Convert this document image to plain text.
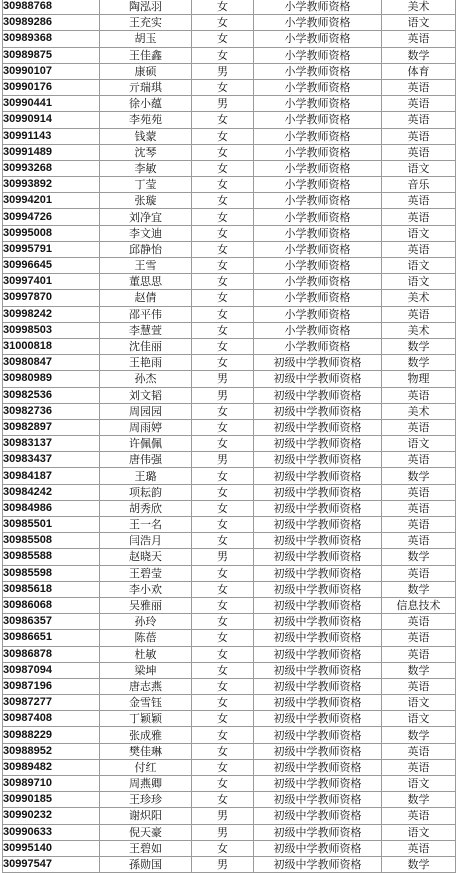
30988768	陶泓羽	女	小学教师资格	美术
30989286	王充实	女	小学教师资格	语文
30989368	胡玉	女	小学教师资格	英语
30989875	王佳鑫	女	小学教师资格	数学
30990107	康硕	男	小学教师资格	体育
30990176	亓瑞琪	女	小学教师资格	英语
30990441	徐小蕴	男	小学教师资格	英语
30990914	李苑苑	女	小学教师资格	英语
30991143	钱蒙	女	小学教师资格	英语
30991489	沈琴	女	小学教师资格	英语
30993268	李敏	女	小学教师资格	语文
30993892	丁莹	女	小学教师资格	音乐
30994201	张璇	女	小学教师资格	英语
30994726	刘净宜	女	小学教师资格	英语
30995008	李文迪	女	小学教师资格	语文
30995791	邱静怡	女	小学教师资格	英语
30996645	王雪	女	小学教师资格	语文
30997401	董思思	女	小学教师资格	语文
30997870	赵倩	女	小学教师资格	美术
30998242	邵平伟	女	小学教师资格	英语
30998503	李慧萱	女	小学教师资格	美术
31000818	沈佳丽	女	小学教师资格	数学
30980847	王艳雨	女	初级中学教师资格	数学
30980989	孙杰	男	初级中学教师资格	物理
30982536	刘文韬	男	初级中学教师资格	英语
30982736	周园园	女	初级中学教师资格	美术
30982897	周雨婷	女	初级中学教师资格	英语
30983137	许佩佩	女	初级中学教师资格	语文
30983437	唐伟强	男	初级中学教师资格	英语
30984187	王璐	女	初级中学教师资格	数学
30984242	项耘韵	女	初级中学教师资格	英语
30984986	胡秀欣	女	初级中学教师资格	英语
30985501	王一名	女	初级中学教师资格	英语
30985508	闫浩月	女	初级中学教师资格	英语
30985588	赵晓天	男	初级中学教师资格	数学
30985598	王碧莹	女	初级中学教师资格	英语
30985618	李小欢	女	初级中学教师资格	数学
30986068	吴雅丽	女	初级中学教师资格	信息技术
30986357	孙玲	女	初级中学教师资格	英语
30986651	陈蓓	女	初级中学教师资格	英语
30986878	杜敏	女	初级中学教师资格	英语
30987094	梁坤	女	初级中学教师资格	数学
30987196	唐志燕	女	初级中学教师资格	英语
30987277	金雪钰	女	初级中学教师资格	语文
30987408	丁颖颖	女	初级中学教师资格	语文
30988229	张成雅	女	初级中学教师资格	数学
30988952	樊佳琳	女	初级中学教师资格	英语
30989482	付红	女	初级中学教师资格	英语
30989710	周燕卿	女	初级中学教师资格	语文
30990185	王珍珍	女	初级中学教师资格	数学
30990232	谢炽阳	男	初级中学教师资格	英语
30990633	倪天豪	男	初级中学教师资格	语文
30995140	王碧如	女	初级中学教师资格	英语
30997547	孫勋国	男	初级中学教师资格	数学
